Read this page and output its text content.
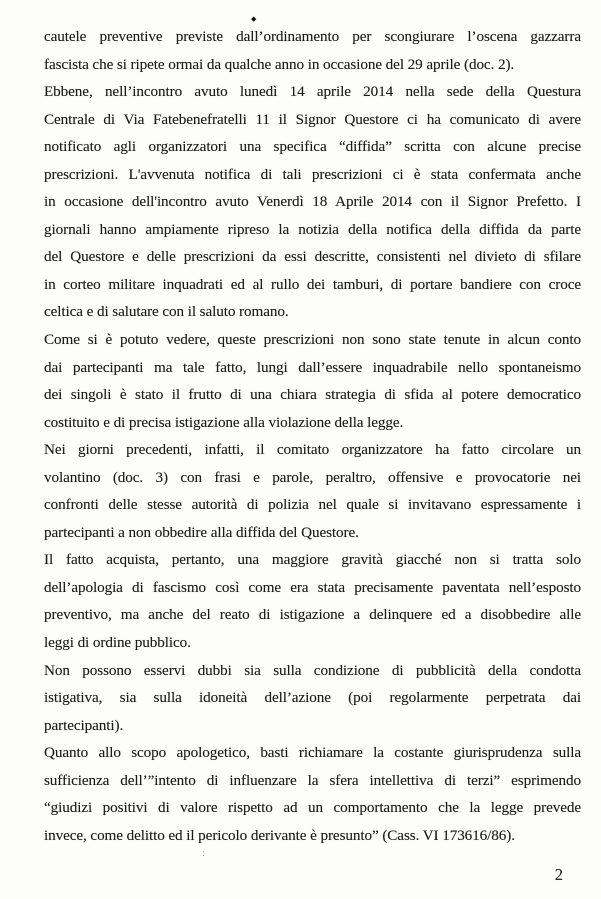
◆
cautele preventive previste dall’ordinamento per scongiurare l’oscena gazzarra
fascista che si ripete ormai da qualche anno in occasione del 29 aprile (doc. 2).
Ebbene, nell’incontro avuto lunedì 14 aprile 2014 nella sede della Questura
Centrale di Via Fatebenefratelli 11 il Signor Questore ci ha comunicato di avere
notificato agli organizzatori una specifica “diffida” scritta con alcune precise
prescrizioni. L'avvenuta notifica di tali prescrizioni ci è stata confermata anche
in occasione dell'incontro avuto Venerdì 18 Aprile 2014 con il Signor Prefetto. I
giornali hanno ampiamente ripreso la notizia della notifica della diffida da parte
del Questore e delle prescrizioni da essi descritte, consistenti nel divieto di sfilare
in corteo militare inquadrati ed al rullo dei tamburi, di portare bandiere con croce
celtica e di salutare con il saluto romano.
Come si è potuto vedere, queste prescrizioni non sono state tenute in alcun conto
dai partecipanti ma tale fatto, lungi dall’essere inquadrabile nello spontaneismo
dei singoli è stato il frutto di una chiara strategia di sfida al potere democratico
costituito e di precisa istigazione alla violazione della legge.
Nei giorni precedenti, infatti, il comitato organizzatore ha fatto circolare un
volantino (doc. 3) con frasi e parole, peraltro, offensive e provocatorie nei
confronti delle stesse autorità di polizia nel quale si invitavano espressamente i
partecipanti a non obbedire alla diffida del Questore.
Il fatto acquista, pertanto, una maggiore gravità giacché non si tratta solo
dell’apologia di fascismo così come era stata precisamente paventata nell’esposto
preventivo, ma anche del reato di istigazione a delinquere ed a disobbedire alle
leggi di ordine pubblico.
Non possono esservi dubbi sia sulla condizione di pubblicità della condotta
istigativa, sia sulla idoneità dell’azione (poi regolarmente perpetrata dai
partecipanti).
Quanto allo scopo apologetico, basti richiamare la costante giurisprudenza sulla
sufficienza dell’”intento di influenzare la sfera intellettiva di terzi” esprimendo
“giudizi positivi di valore rispetto ad un comportamento che la legge prevede
invece, come delitto ed il pericolo derivante è presunto” (Cass. VI 173616/86).
:
2
